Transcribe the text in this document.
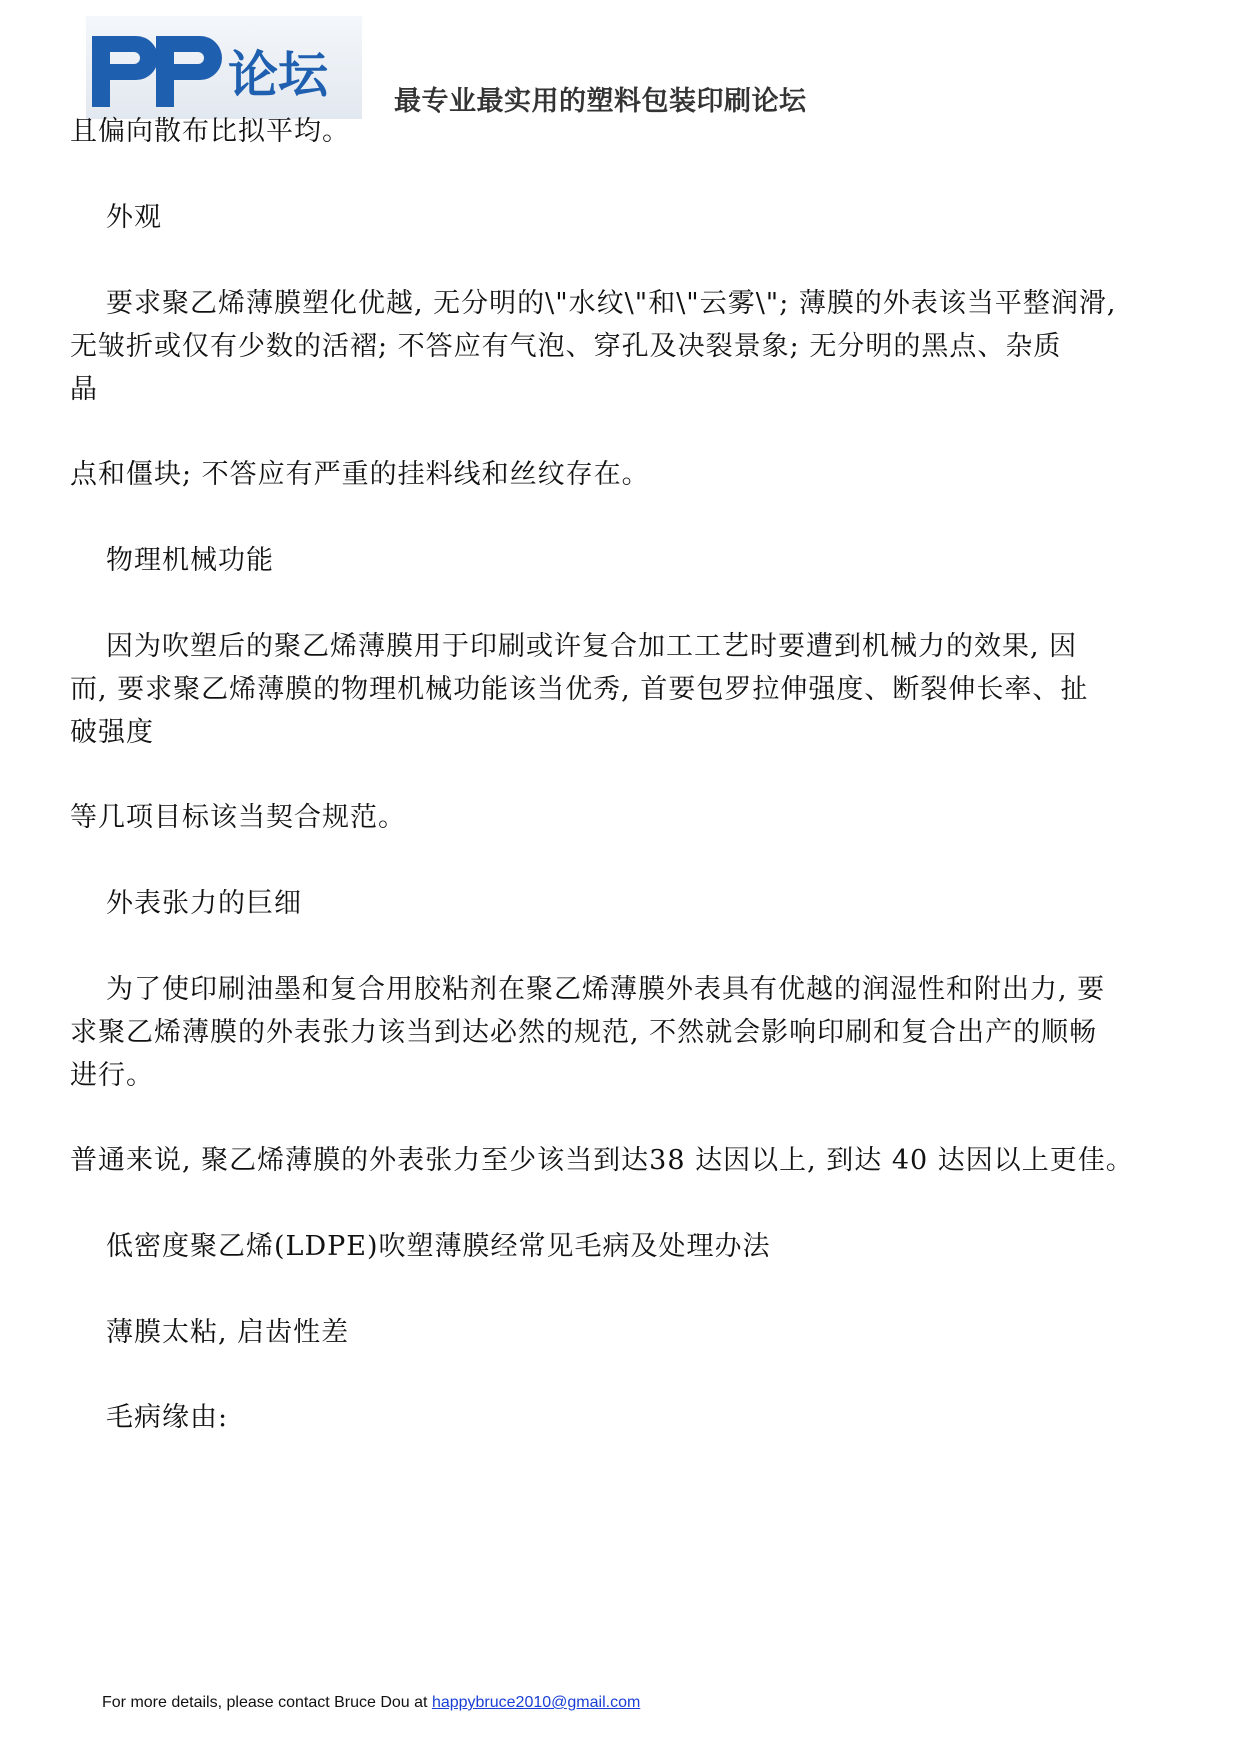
论坛 最专业最实用的塑料包装印刷论坛

且偏向散布比拟平均。

外观

要求聚乙烯薄膜塑化优越, 无分明的\"水纹\"和\"云雾\"; 薄膜的外表该当平整润滑,

无皱折或仅有少数的活褶; 不答应有气泡、穿孔及决裂景象; 无分明的黑点、杂质

晶

点和僵块; 不答应有严重的挂料线和丝纹存在。

物理机械功能

因为吹塑后的聚乙烯薄膜用于印刷或许复合加工工艺时要遭到机械力的效果, 因

而, 要求聚乙烯薄膜的物理机械功能该当优秀, 首要包罗拉伸强度、断裂伸长率、扯

破强度

等几项目标该当契合规范。

外表张力的巨细

为了使印刷油墨和复合用胶粘剂在聚乙烯薄膜外表具有优越的润湿性和附出力, 要

求聚乙烯薄膜的外表张力该当到达必然的规范, 不然就会影响印刷和复合出产的顺畅

进行。

普通来说, 聚乙烯薄膜的外表张力至少该当到达38 达因以上, 到达 40 达因以上更佳。

低密度聚乙烯(LDPE)吹塑薄膜经常见毛病及处理办法

薄膜太粘, 启齿性差

毛病缘由:

For more details, please contact Bruce Dou at happybruce2010@gmail.com
